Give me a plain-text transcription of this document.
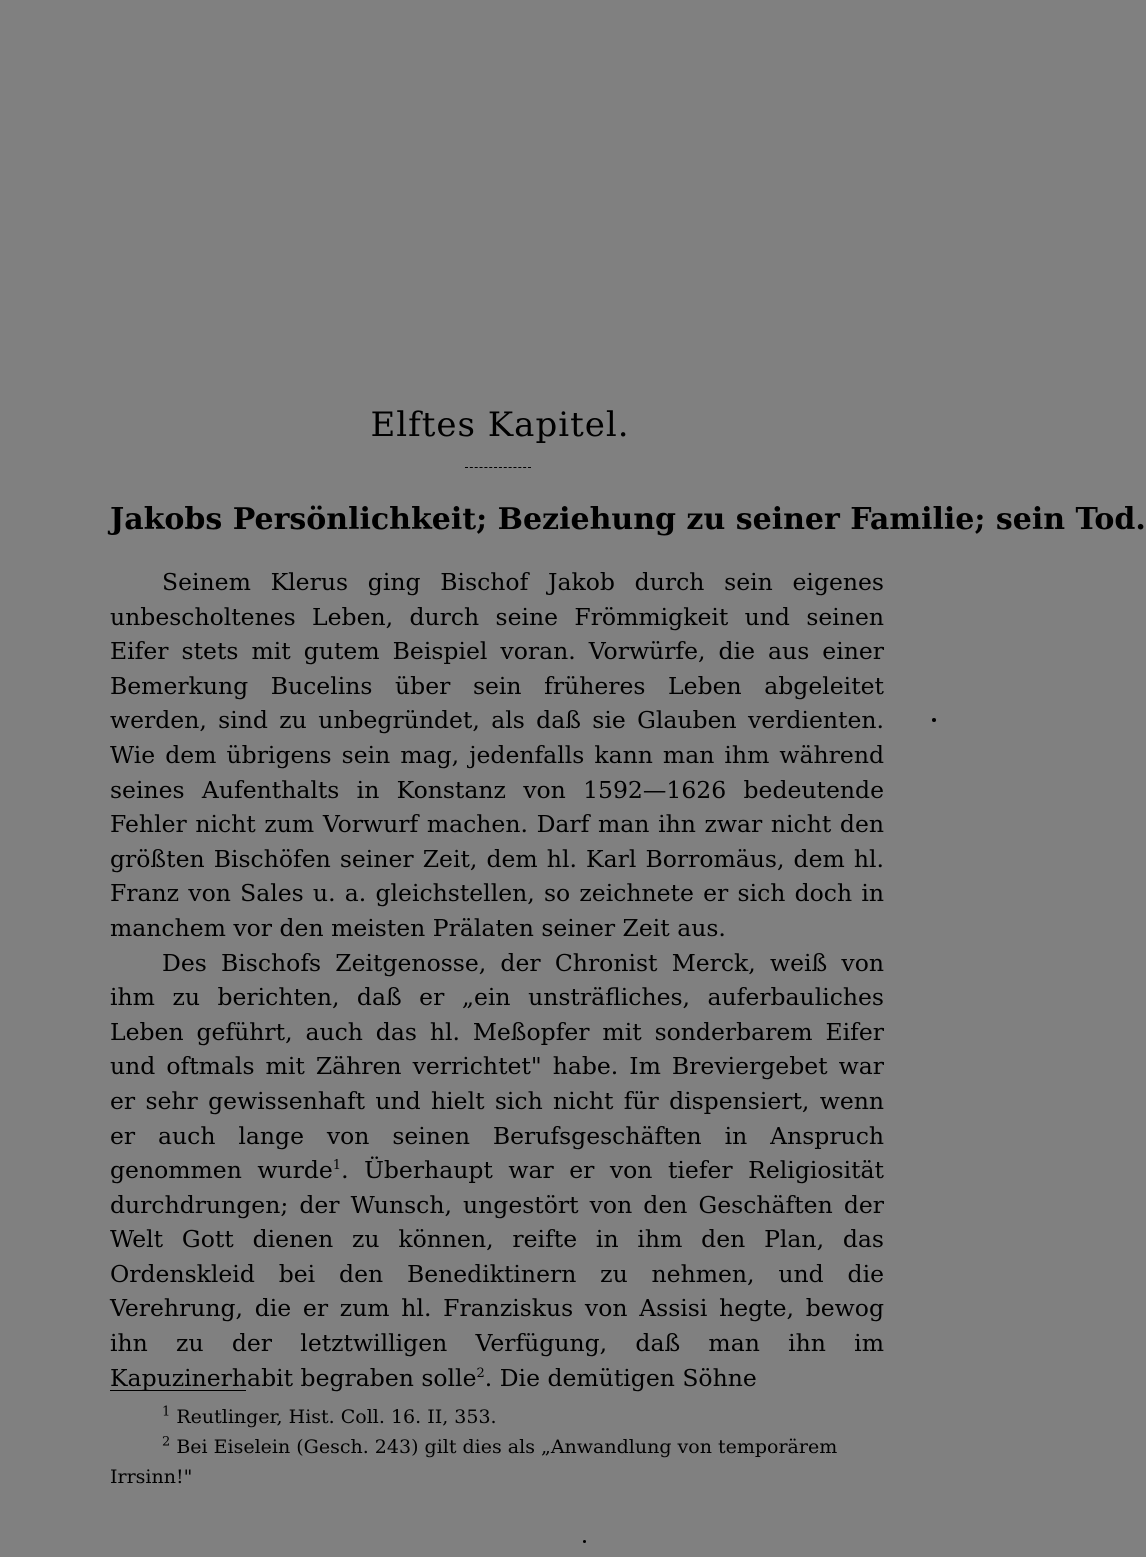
Elftes Kapitel.
Jakobs Persönlichkeit; Beziehung zu seiner Familie; sein Tod.

Seinem Klerus ging Bischof Jakob durch sein eigenes unbescholtenes Leben, durch seine Frömmigkeit und seinen Eifer stets mit gutem Beispiel voran. Vorwürfe, die aus einer Bemerkung Bucelins über sein früheres Leben abgeleitet werden, sind zu unbegründet, als daß sie Glauben verdienten. Wie dem übrigens sein mag, jedenfalls kann man ihm während seines Aufenthalts in Konstanz von 1592—1626 bedeutende Fehler nicht zum Vorwurf machen. Darf man ihn zwar nicht den größten Bischöfen seiner Zeit, dem hl. Karl Borromäus, dem hl. Franz von Sales u. a. gleichstellen, so zeichnete er sich doch in manchem vor den meisten Prälaten seiner Zeit aus.

Des Bischofs Zeitgenosse, der Chronist Merck, weiß von ihm zu berichten, daß er „ein unsträfliches, auferbauliches Leben geführt, auch das hl. Meßopfer mit sonderbarem Eifer und oftmals mit Zähren verrichtet" habe. Im Breviergebet war er sehr gewissenhaft und hielt sich nicht für dispensiert, wenn er auch lange von seinen Berufsgeschäften in Anspruch genommen wurde$^1$. Überhaupt war er von tiefer Religiosität durchdrungen; der Wunsch, ungestört von den Geschäften der Welt Gott dienen zu können, reifte in ihm den Plan, das Ordenskleid bei den Benediktinern zu nehmen, und die Verehrung, die er zum hl. Franziskus von Assisi hegte, bewog ihn zu der letztwilligen Verfügung, daß man ihn im Kapuzinerhabit begraben solle$^2$. Die demütigen Söhne

$^1$ Reutlinger, Hist. Coll. 16. II, 353.

$^2$ Bei Eiselein (Gesch. 243) gilt dies als „Anwandlung von temporärem Irrsinn!"
